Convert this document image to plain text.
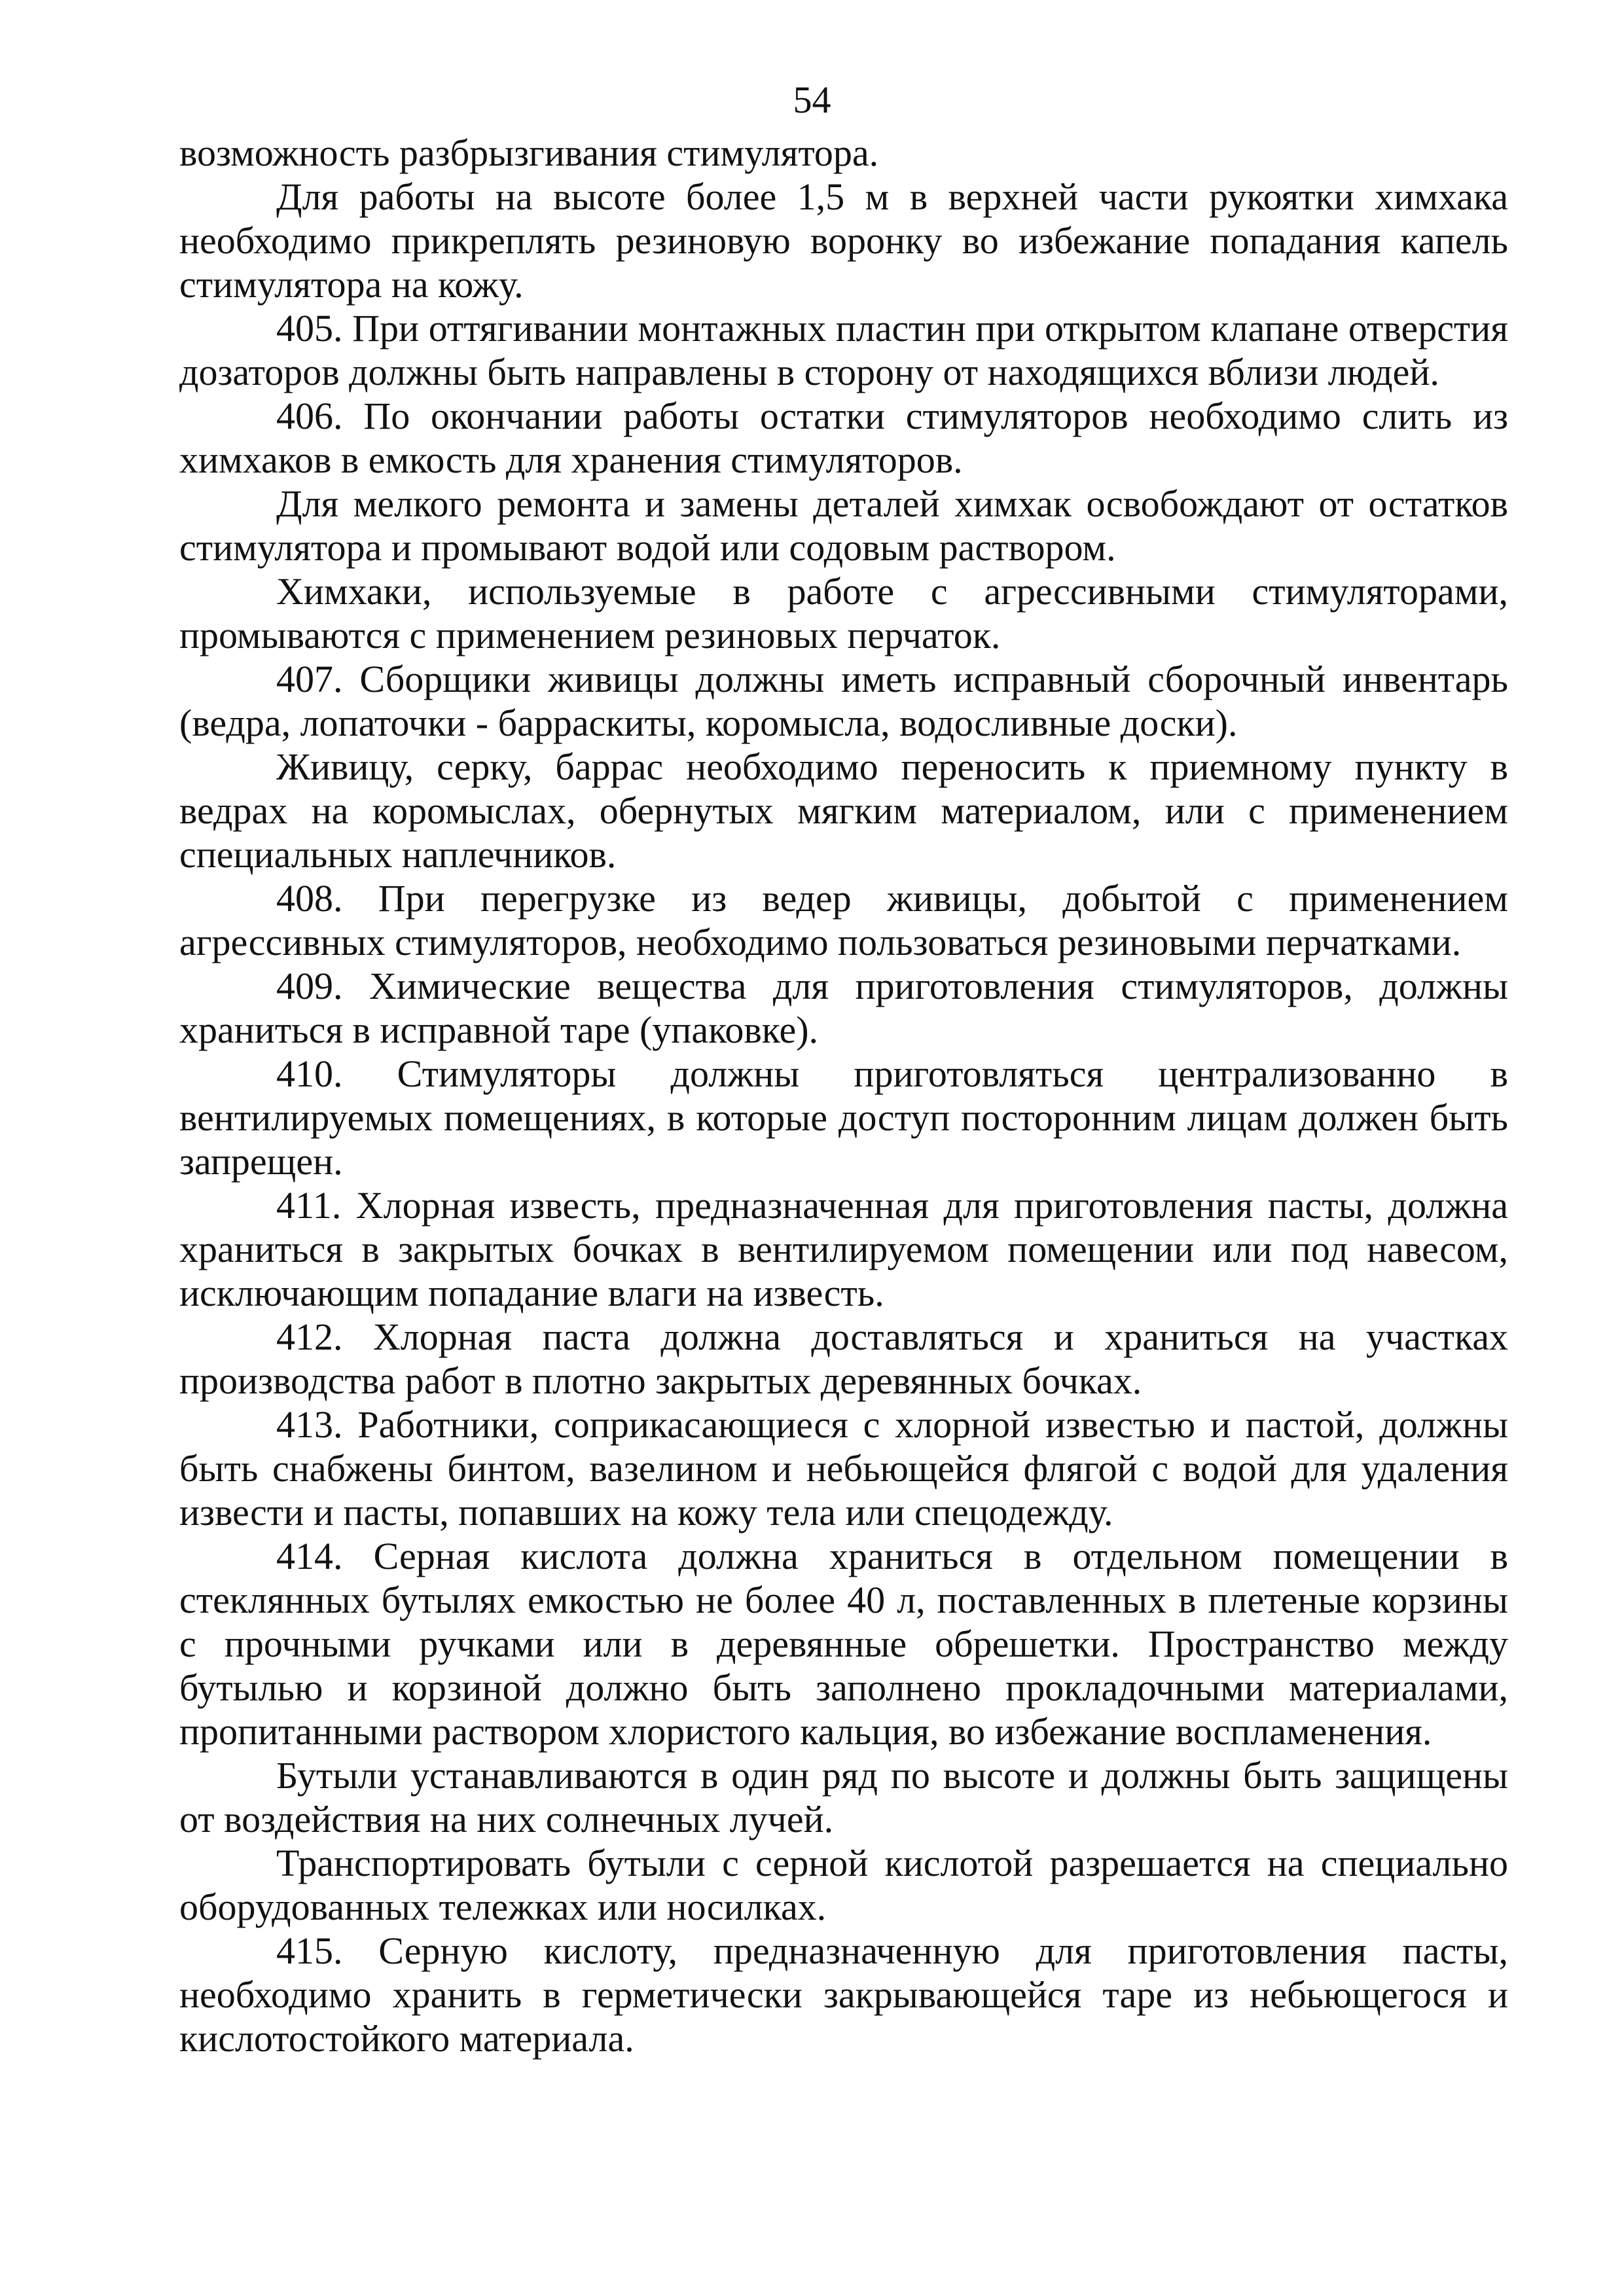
54

возможность разбрызгивания стимулятора.

Для работы на высоте более 1,5 м в верхней части рукоятки химхака необходимо прикреплять резиновую воронку во избежание попадания капель стимулятора на кожу.

405. При оттягивании монтажных пластин при открытом клапане отверстия дозаторов должны быть направлены в сторону от находящихся вблизи людей.

406. По окончании работы остатки стимуляторов необходимо слить из химхаков в емкость для хранения стимуляторов.

Для мелкого ремонта и замены деталей химхак освобождают от остатков стимулятора и промывают водой или содовым раствором.

Химхаки, используемые в работе с агрессивными стимуляторами, промываются с применением резиновых перчаток.

407. Сборщики живицы должны иметь исправный сборочный инвентарь (ведра, лопаточки - барраскиты, коромысла, водосливные доски).

Живицу, серку, баррас необходимо переносить к приемному пункту в ведрах на коромыслах, обернутых мягким материалом, или с применением специальных наплечников.

408. При перегрузке из ведер живицы, добытой с применением агрессивных стимуляторов, необходимо пользоваться резиновыми перчатками.

409. Химические вещества для приготовления стимуляторов, должны храниться в исправной таре (упаковке).

410. Стимуляторы должны приготовляться централизованно в вентилируемых помещениях, в которые доступ посторонним лицам должен быть запрещен.

411. Хлорная известь, предназначенная для приготовления пасты, должна храниться в закрытых бочках в вентилируемом помещении или под навесом, исключающим попадание влаги на известь.

412. Хлорная паста должна доставляться и храниться на участках производства работ в плотно закрытых деревянных бочках.

413. Работники, соприкасающиеся с хлорной известью и пастой, должны быть снабжены бинтом, вазелином и небьющейся флягой с водой для удаления извести и пасты, попавших на кожу тела или спецодежду.

414. Серная кислота должна храниться в отдельном помещении в стеклянных бутылях емкостью не более 40 л, поставленных в плетеные корзины с прочными ручками или в деревянные обрешетки. Пространство между бутылью и корзиной должно быть заполнено прокладочными материалами, пропитанными раствором хлористого кальция, во избежание воспламенения.

Бутыли устанавливаются в один ряд по высоте и должны быть защищены от воздействия на них солнечных лучей.

Транспортировать бутыли с серной кислотой разрешается на специально оборудованных тележках или носилках.

415. Серную кислоту, предназначенную для приготовления пасты, необходимо хранить в герметически закрывающейся таре из небьющегося и кислотостойкого материала.
